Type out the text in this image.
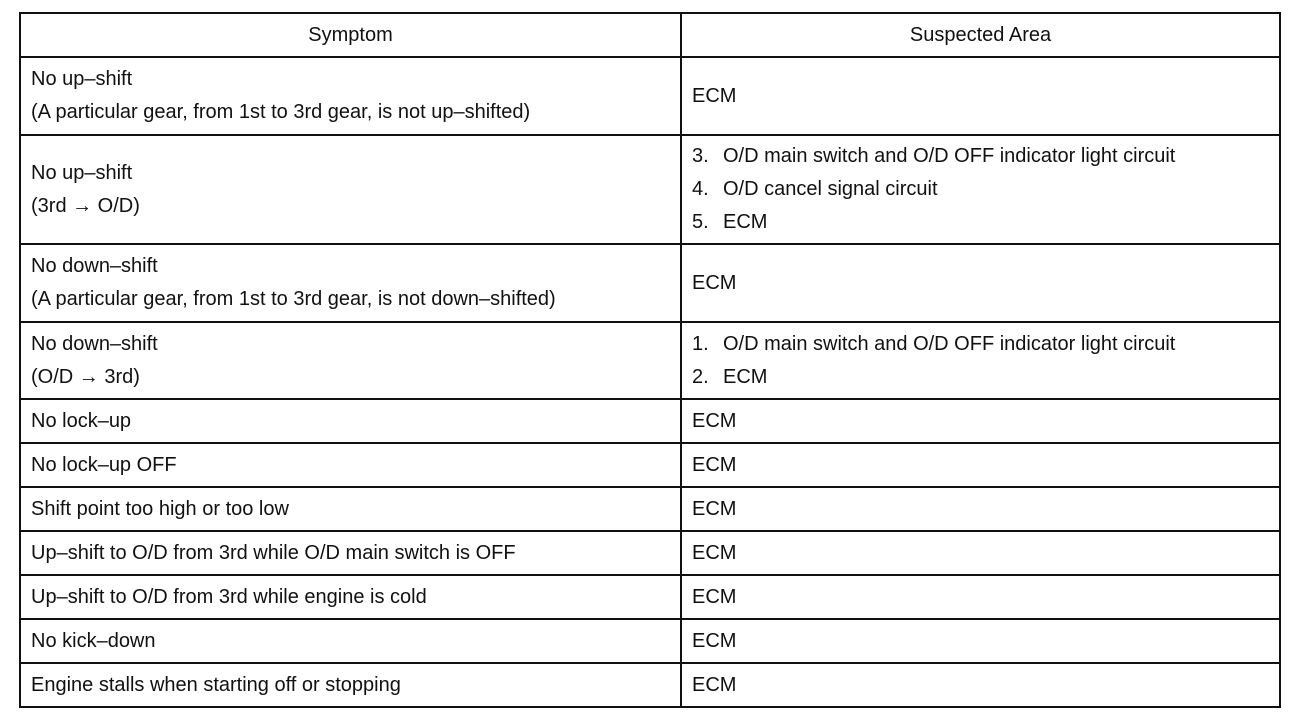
Symptom	Suspected Area

No up–shift
(A particular gear, from 1st to 3rd gear, is not up–shifted)	ECM

No up–shift
(3rd → O/D)	3. O/D main switch and O/D OFF indicator light circuit
4. O/D cancel signal circuit
5. ECM

No down–shift
(A particular gear, from 1st to 3rd gear, is not down–shifted)	ECM

No down–shift
(O/D → 3rd)	1. O/D main switch and O/D OFF indicator light circuit
2. ECM

No lock–up	ECM
No lock–up OFF	ECM
Shift point too high or too low	ECM
Up–shift to O/D from 3rd while O/D main switch is OFF	ECM
Up–shift to O/D from 3rd while engine is cold	ECM
No kick–down	ECM
Engine stalls when starting off or stopping	ECM
